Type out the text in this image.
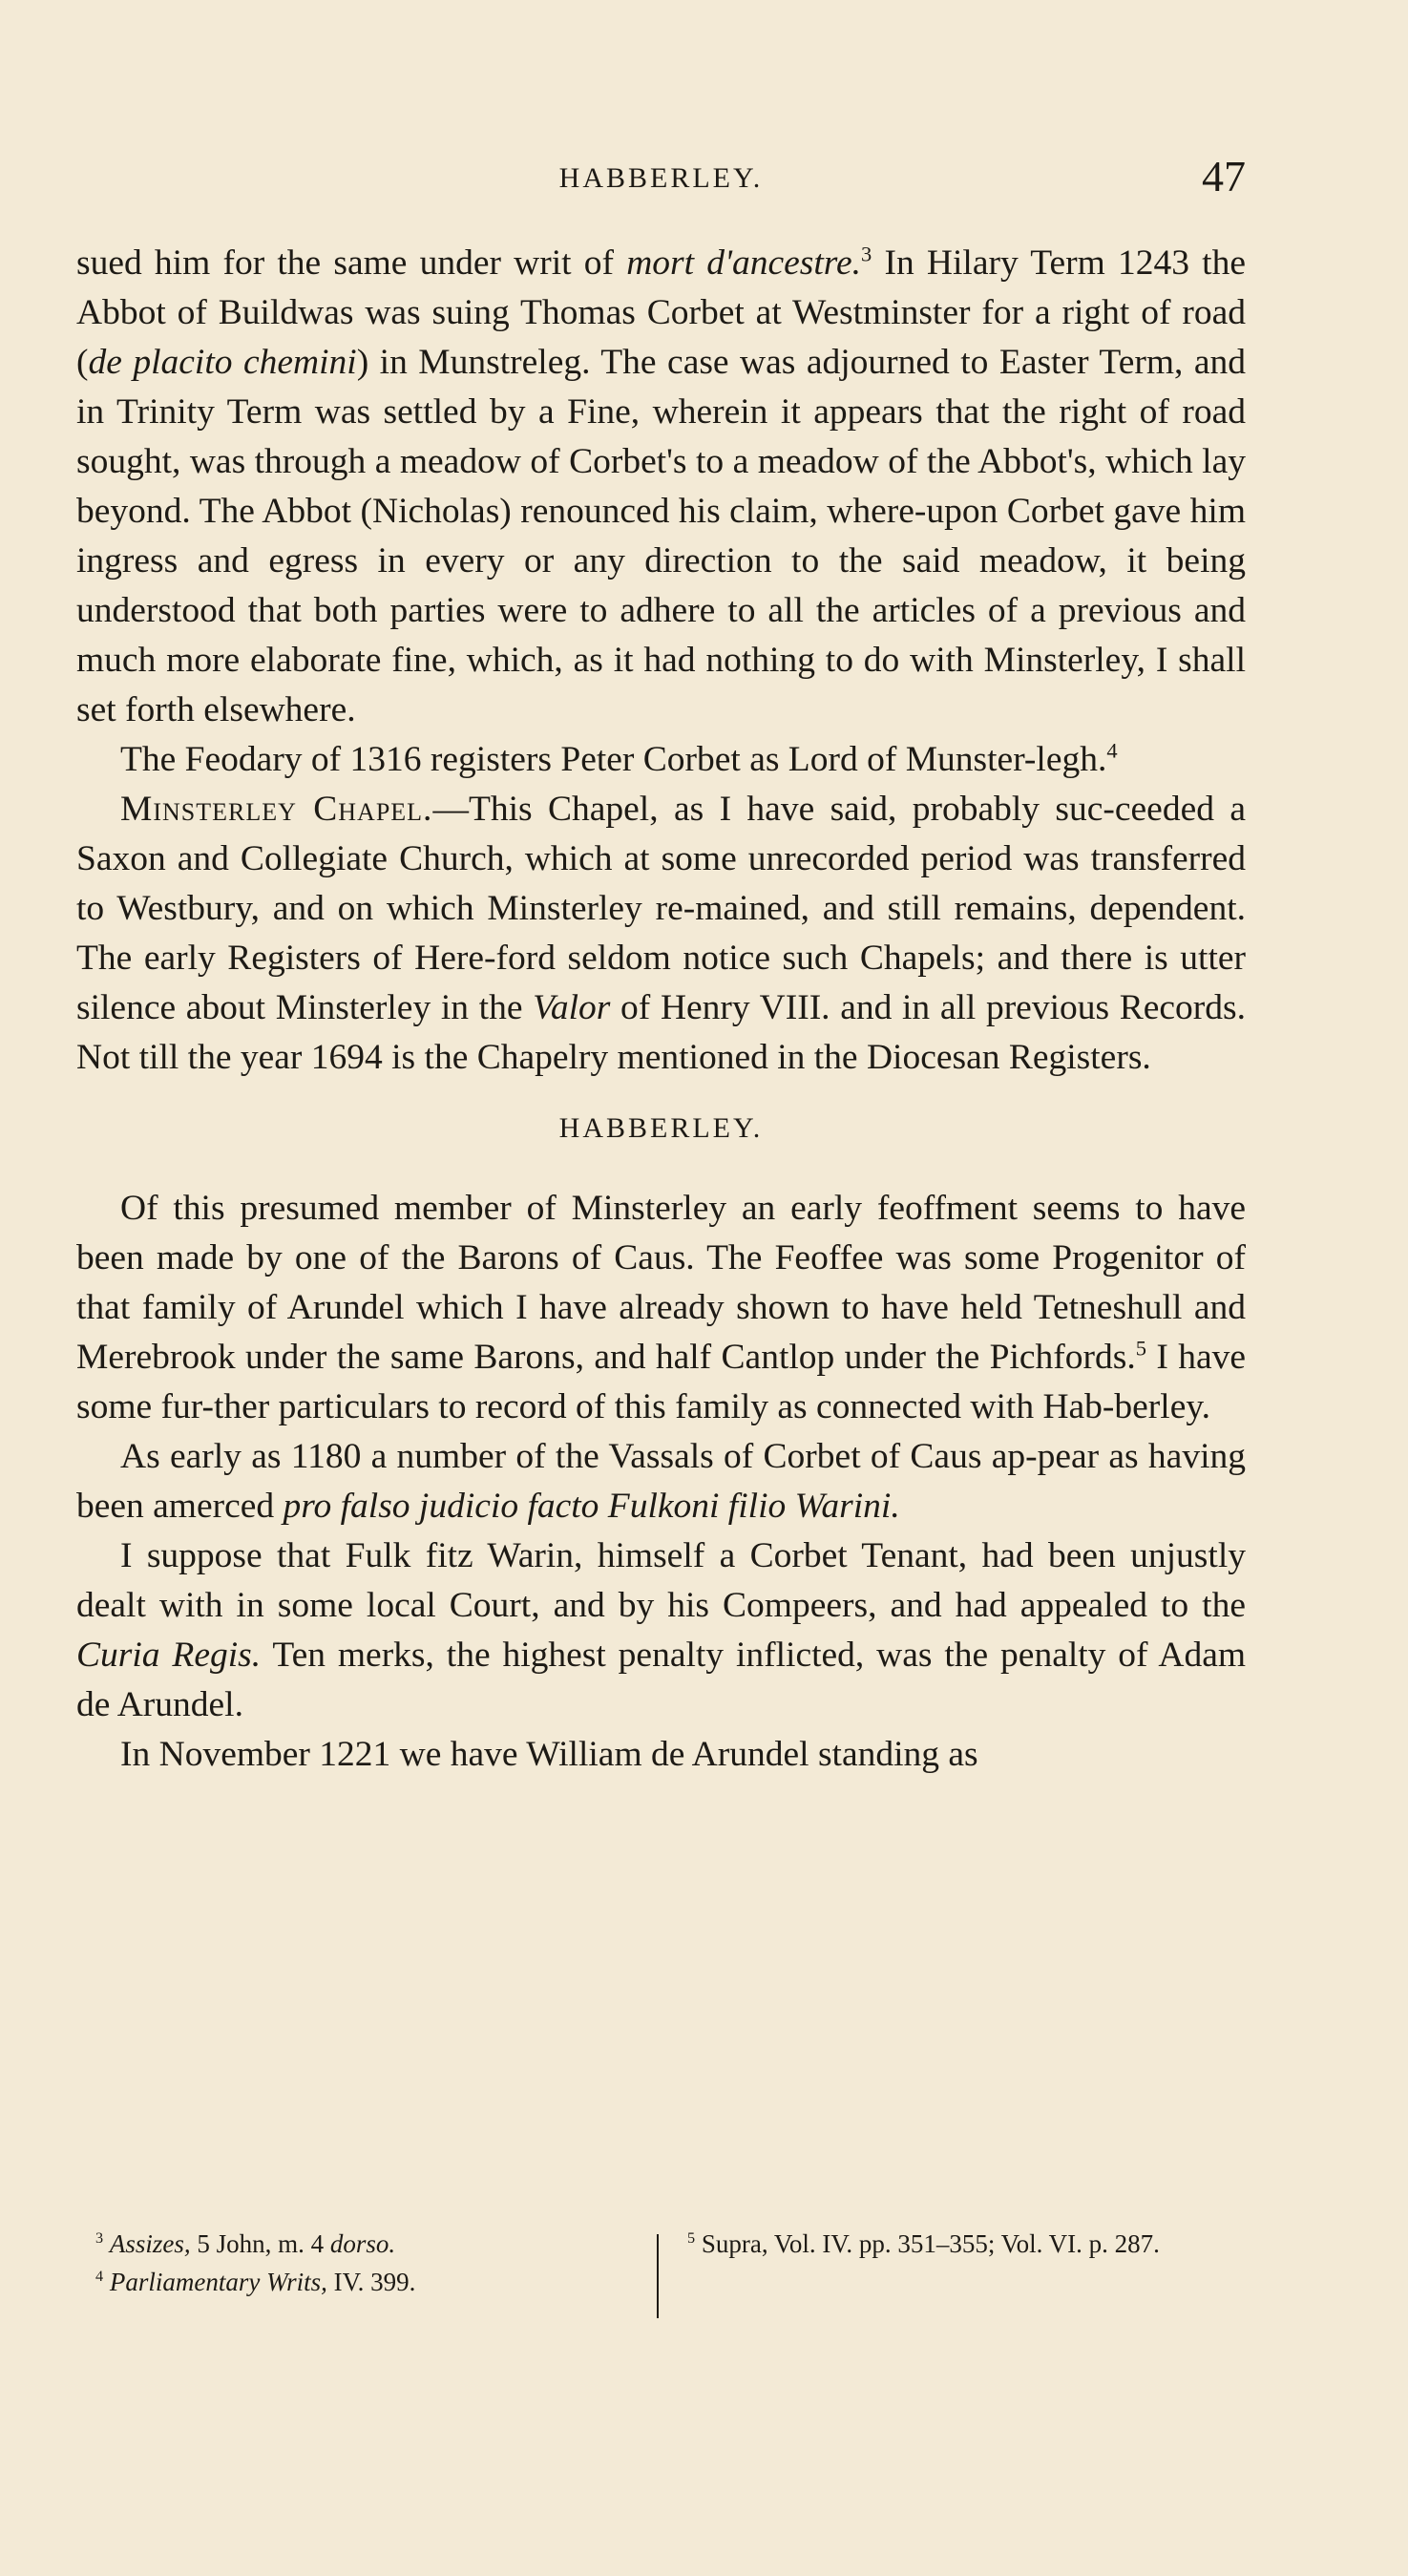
HABBERLEY.	47

sued him for the same under writ of mort d'ancestre.$^3$ In Hilary Term 1243 the Abbot of Buildwas was suing Thomas Corbet at Westminster for a right of road (de placito chemini) in Munstreleg. The case was adjourned to Easter Term, and in Trinity Term was settled by a Fine, wherein it appears that the right of road sought, was through a meadow of Corbet's to a meadow of the Abbot's, which lay beyond. The Abbot (Nicholas) renounced his claim, where-upon Corbet gave him ingress and egress in every or any direction to the said meadow, it being understood that both parties were to adhere to all the articles of a previous and much more elaborate fine, which, as it had nothing to do with Minsterley, I shall set forth elsewhere.

The Feodary of 1316 registers Peter Corbet as Lord of Munster-legh.$^4$

Minsterley Chapel.—This Chapel, as I have said, probably suc-ceeded a Saxon and Collegiate Church, which at some unrecorded period was transferred to Westbury, and on which Minsterley re-mained, and still remains, dependent. The early Registers of Here-ford seldom notice such Chapels; and there is utter silence about Minsterley in the Valor of Henry VIII. and in all previous Records. Not till the year 1694 is the Chapelry mentioned in the Diocesan Registers.

HABBERLEY.

Of this presumed member of Minsterley an early feoffment seems to have been made by one of the Barons of Caus. The Feoffee was some Progenitor of that family of Arundel which I have already shown to have held Tetneshull and Merebrook under the same Barons, and half Cantlop under the Pichfords.$^5$ I have some fur-ther particulars to record of this family as connected with Hab-berley.

As early as 1180 a number of the Vassals of Corbet of Caus ap-pear as having been amerced pro falso judicio facto Fulkoni filio Warini.

I suppose that Fulk fitz Warin, himself a Corbet Tenant, had been unjustly dealt with in some local Court, and by his Compeers, and had appealed to the Curia Regis. Ten merks, the highest penalty inflicted, was the penalty of Adam de Arundel.

In November 1221 we have William de Arundel standing as

$^3$ Assizes, 5 John, m. 4 dorso.

$^4$ Parliamentary Writs, IV. 399.

$^5$ Supra, Vol. IV. pp. 351–355; Vol. VI. p. 287.
